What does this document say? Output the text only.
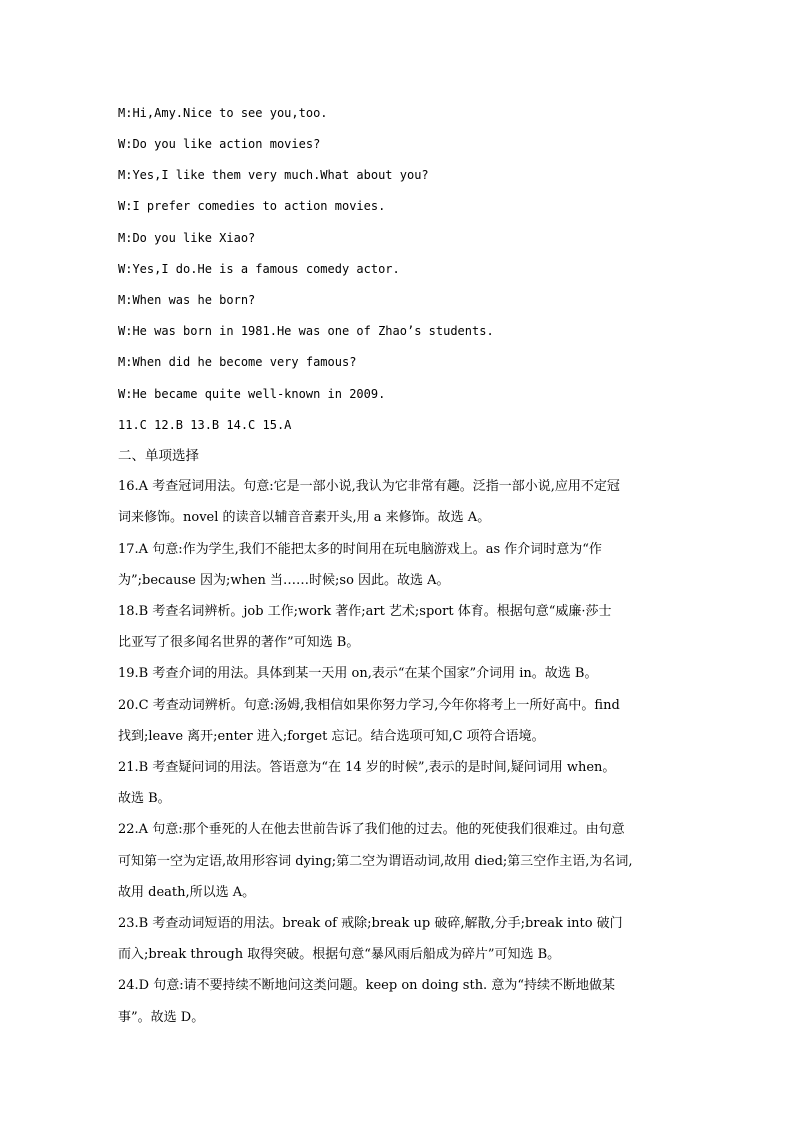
M:Hi,Amy.Nice to see you,too.
W:Do you like action movies?
M:Yes,I like them very much.What about you?
W:I prefer comedies to action movies.
M:Do you like Xiao?
W:Yes,I do.He is a famous comedy actor.
M:When was he born?
W:He was born in 1981.He was one of Zhao’s students.
M:When did he become very famous?
W:He became quite well-known in 2009.
11.C 12.B 13.B 14.C 15.A
二、单项选择
16.A 考查冠词用法。句意:它是一部小说,我认为它非常有趣。泛指一部小说,应用不定冠
词来修饰。novel 的读音以辅音音素开头,用 a 来修饰。故选 A。
17.A 句意:作为学生,我们不能把太多的时间用在玩电脑游戏上。as 作介词时意为“作
为”;because 因为;when 当……时候;so 因此。故选 A。
18.B 考查名词辨析。job 工作;work 著作;art 艺术;sport 体育。根据句意“威廉·莎士
比亚写了很多闻名世界的著作”可知选 B。
19.B 考查介词的用法。具体到某一天用 on,表示“在某个国家”介词用 in。故选 B。
20.C 考查动词辨析。句意:汤姆,我相信如果你努力学习,今年你将考上一所好高中。find
找到;leave 离开;enter 进入;forget 忘记。结合选项可知,C 项符合语境。
21.B 考查疑问词的用法。答语意为“在 14 岁的时候”,表示的是时间,疑问词用 when。
故选 B。
22.A 句意:那个垂死的人在他去世前告诉了我们他的过去。他的死使我们很难过。由句意
可知第一空为定语,故用形容词 dying;第二空为谓语动词,故用 died;第三空作主语,为名词,
故用 death,所以选 A。
23.B 考查动词短语的用法。break of 戒除;break up 破碎,解散,分手;break into 破门
而入;break through 取得突破。根据句意“暴风雨后船成为碎片”可知选 B。
24.D 句意:请不要持续不断地问这类问题。keep on doing sth. 意为“持续不断地做某
事”。故选 D。
